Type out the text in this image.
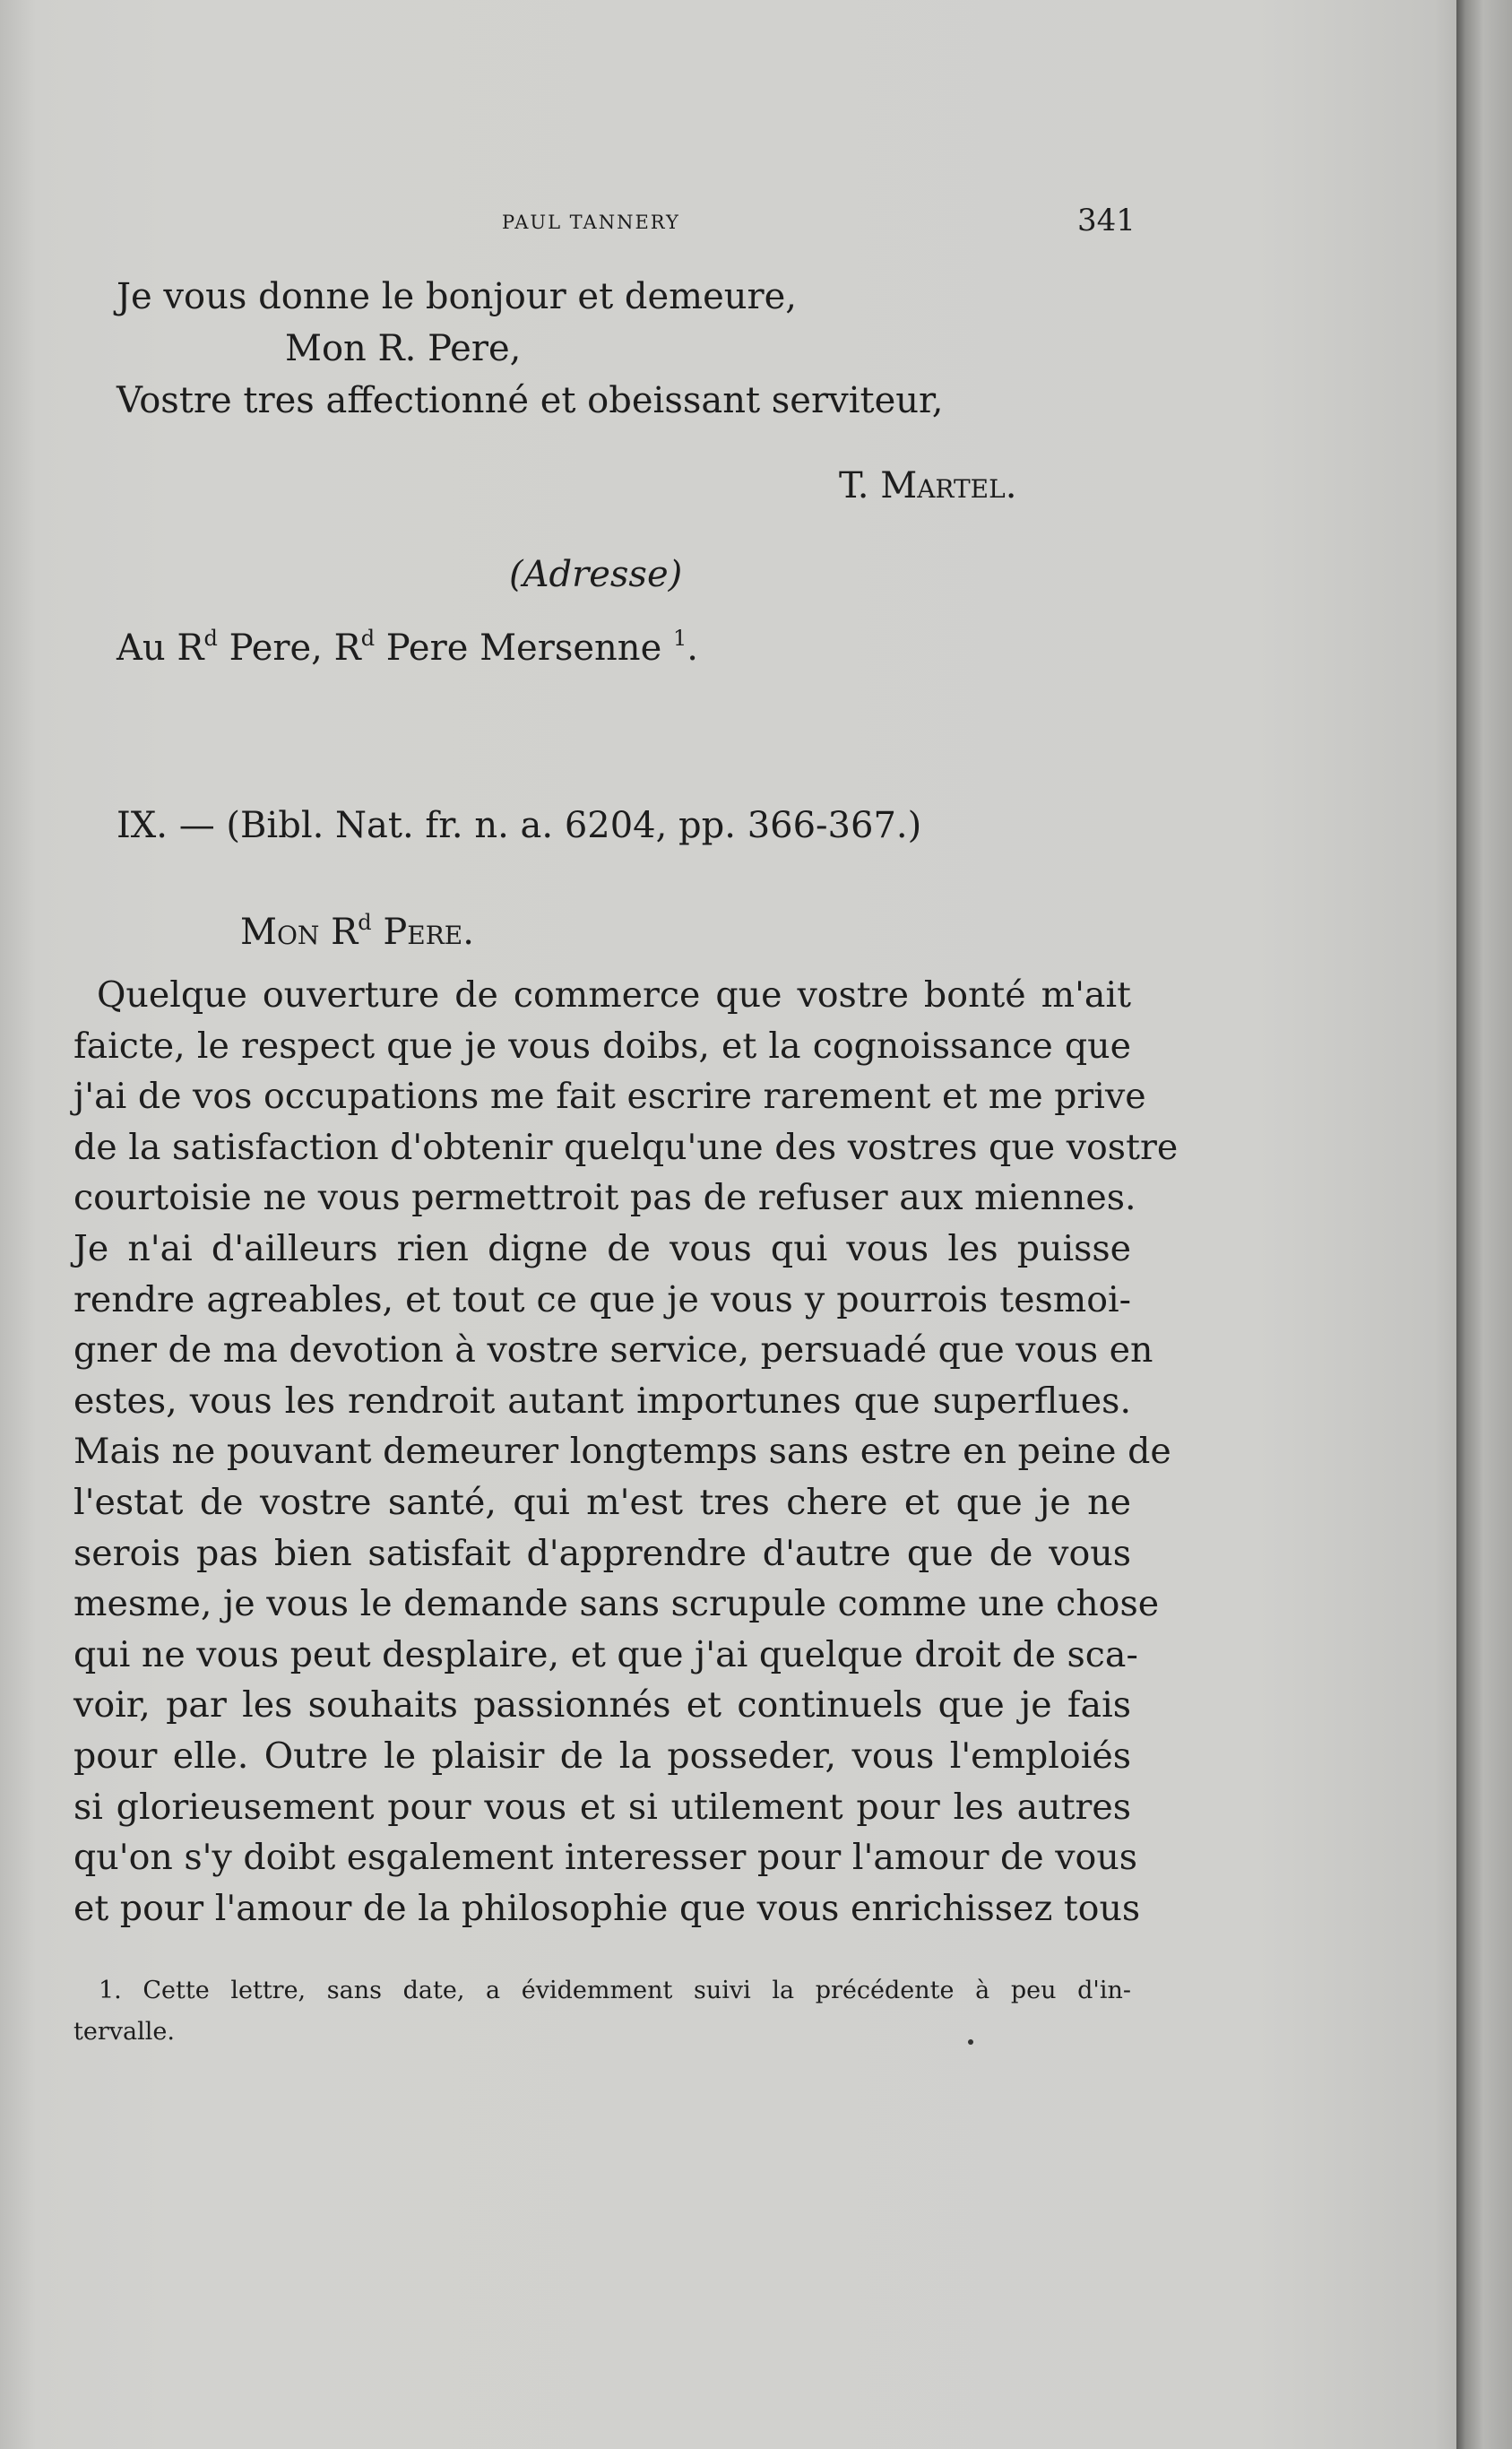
PAUL TANNERY	341
Je vous donne le bonjour et demeure,
Mon R. Pere,
Vostre tres affectionné et obeissant serviteur,
T. Martel.
(Adresse)
Au $R^d$ Pere, $R^d$ Pere Mersenne $^1$.
IX. — (Bibl. Nat. fr. n. a. 6204, pp. 366-367.)
Mon $R^d$ Pere.
Quelque ouverture de commerce que vostre bonté m'ait
faicte, le respect que je vous doibs, et la cognoissance que
j'ai de vos occupations me fait escrire rarement et me prive
de la satisfaction d'obtenir quelqu'une des vostres que vostre
courtoisie ne vous permettroit pas de refuser aux miennes.
Je n'ai d'ailleurs rien digne de vous qui vous les puisse
rendre agreables, et tout ce que je vous y pourrois tesmoi-
gner de ma devotion à vostre service, persuadé que vous en
estes, vous les rendroit autant importunes que superflues.
Mais ne pouvant demeurer longtemps sans estre en peine de
l'estat de vostre santé, qui m'est tres chere et que je ne
serois pas bien satisfait d'apprendre d'autre que de vous
mesme, je vous le demande sans scrupule comme une chose
qui ne vous peut desplaire, et que j'ai quelque droit de sca-
voir, par les souhaits passionnés et continuels que je fais
pour elle. Outre le plaisir de la posseder, vous l'emploiés
si glorieusement pour vous et si utilement pour les autres
qu'on s'y doibt esgalement interesser pour l'amour de vous
et pour l'amour de la philosophie que vous enrichissez tous
1. Cette lettre, sans date, a évidemment suivi la précédente à peu d'in-
tervalle.
